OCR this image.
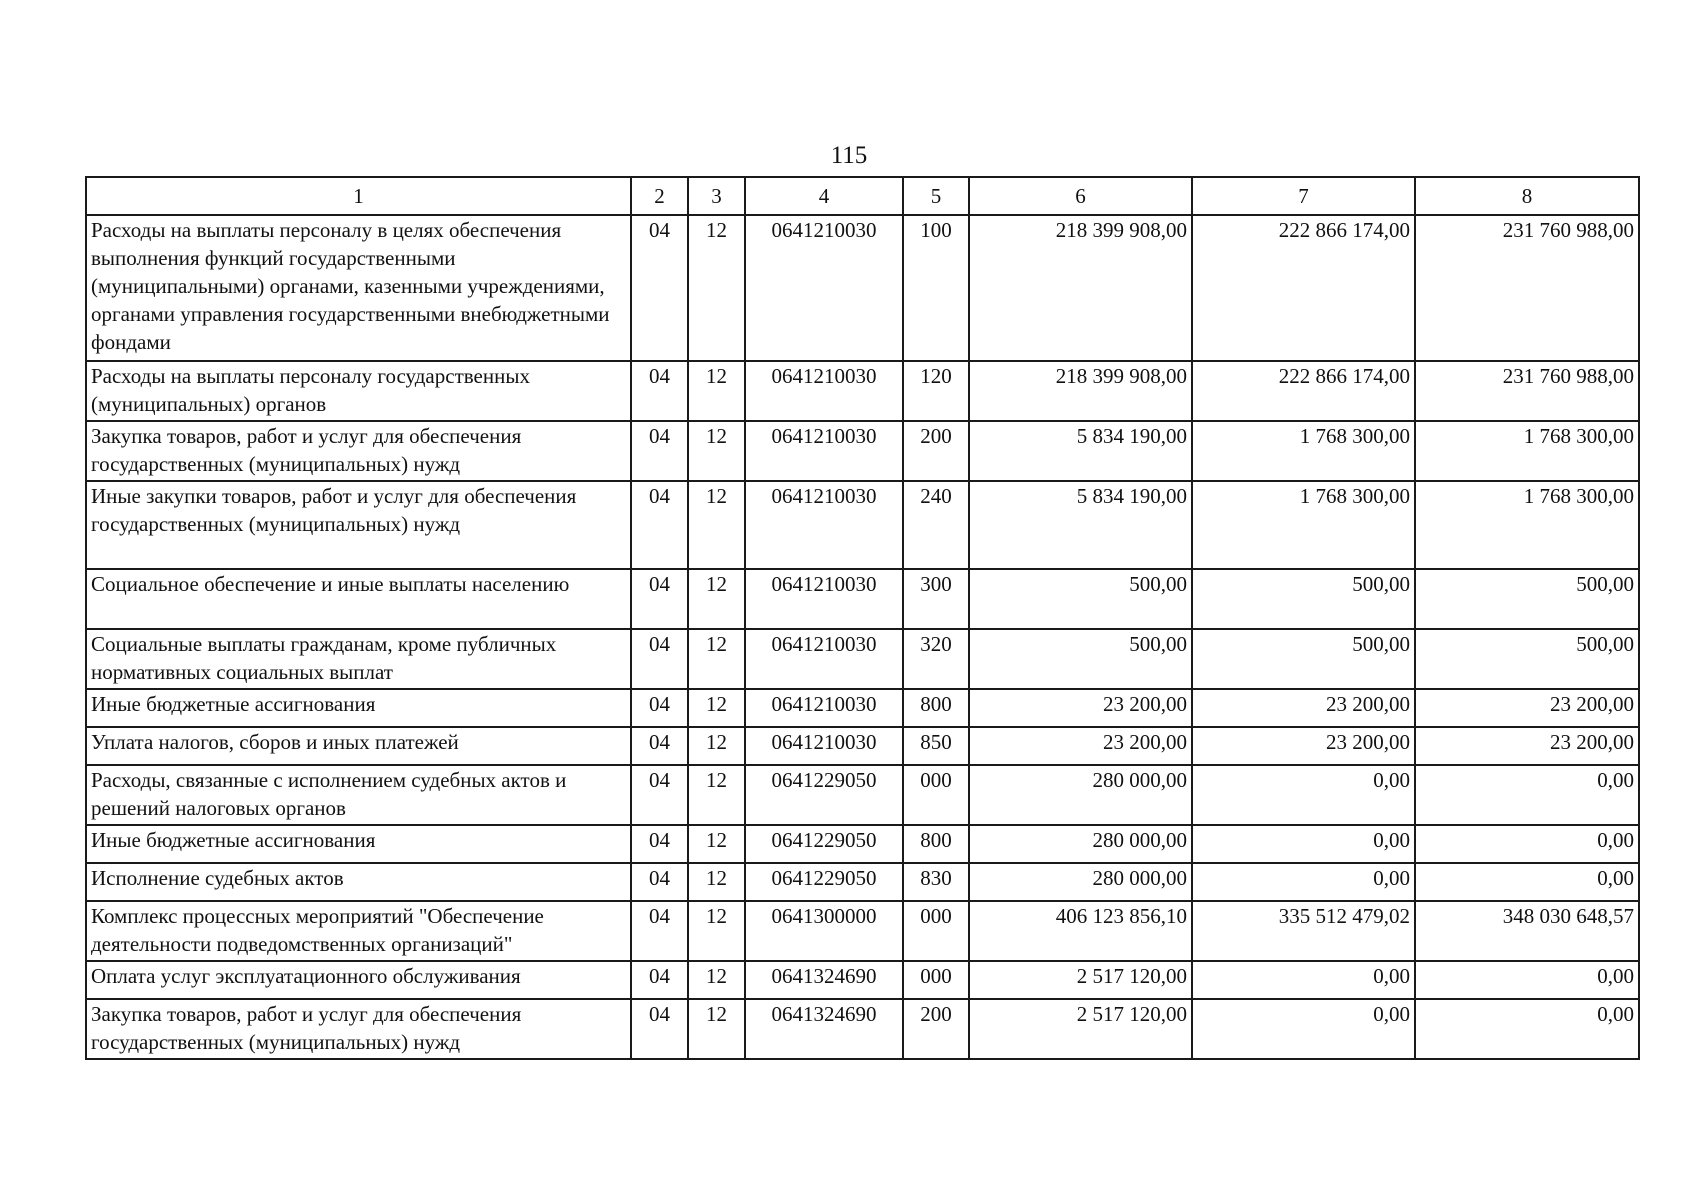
115
1	2	3	4	5	6	7	8
Расходы на выплаты персоналу в целях обеспечения выполнения функций государственными (муниципальными) органами, казенными учреждениями, органами управления государственными внебюджетными фондами	04	12	0641210030	100	218 399 908,00	222 866 174,00	231 760 988,00
Расходы на выплаты персоналу государственных (муниципальных) органов	04	12	0641210030	120	218 399 908,00	222 866 174,00	231 760 988,00
Закупка товаров, работ и услуг для обеспечения государственных (муниципальных) нужд	04	12	0641210030	200	5 834 190,00	1 768 300,00	1 768 300,00
Иные закупки товаров, работ и услуг для обеспечения государственных (муниципальных) нужд	04	12	0641210030	240	5 834 190,00	1 768 300,00	1 768 300,00
Социальное обеспечение и иные выплаты населению	04	12	0641210030	300	500,00	500,00	500,00
Социальные выплаты гражданам, кроме публичных нормативных социальных выплат	04	12	0641210030	320	500,00	500,00	500,00
Иные бюджетные ассигнования	04	12	0641210030	800	23 200,00	23 200,00	23 200,00
Уплата налогов, сборов и иных платежей	04	12	0641210030	850	23 200,00	23 200,00	23 200,00
Расходы, связанные с исполнением судебных актов и решений налоговых органов	04	12	0641229050	000	280 000,00	0,00	0,00
Иные бюджетные ассигнования	04	12	0641229050	800	280 000,00	0,00	0,00
Исполнение судебных актов	04	12	0641229050	830	280 000,00	0,00	0,00
Комплекс процессных мероприятий "Обеспечение деятельности подведомственных организаций"	04	12	0641300000	000	406 123 856,10	335 512 479,02	348 030 648,57
Оплата услуг эксплуатационного обслуживания	04	12	0641324690	000	2 517 120,00	0,00	0,00
Закупка товаров, работ и услуг для обеспечения государственных (муниципальных) нужд	04	12	0641324690	200	2 517 120,00	0,00	0,00
